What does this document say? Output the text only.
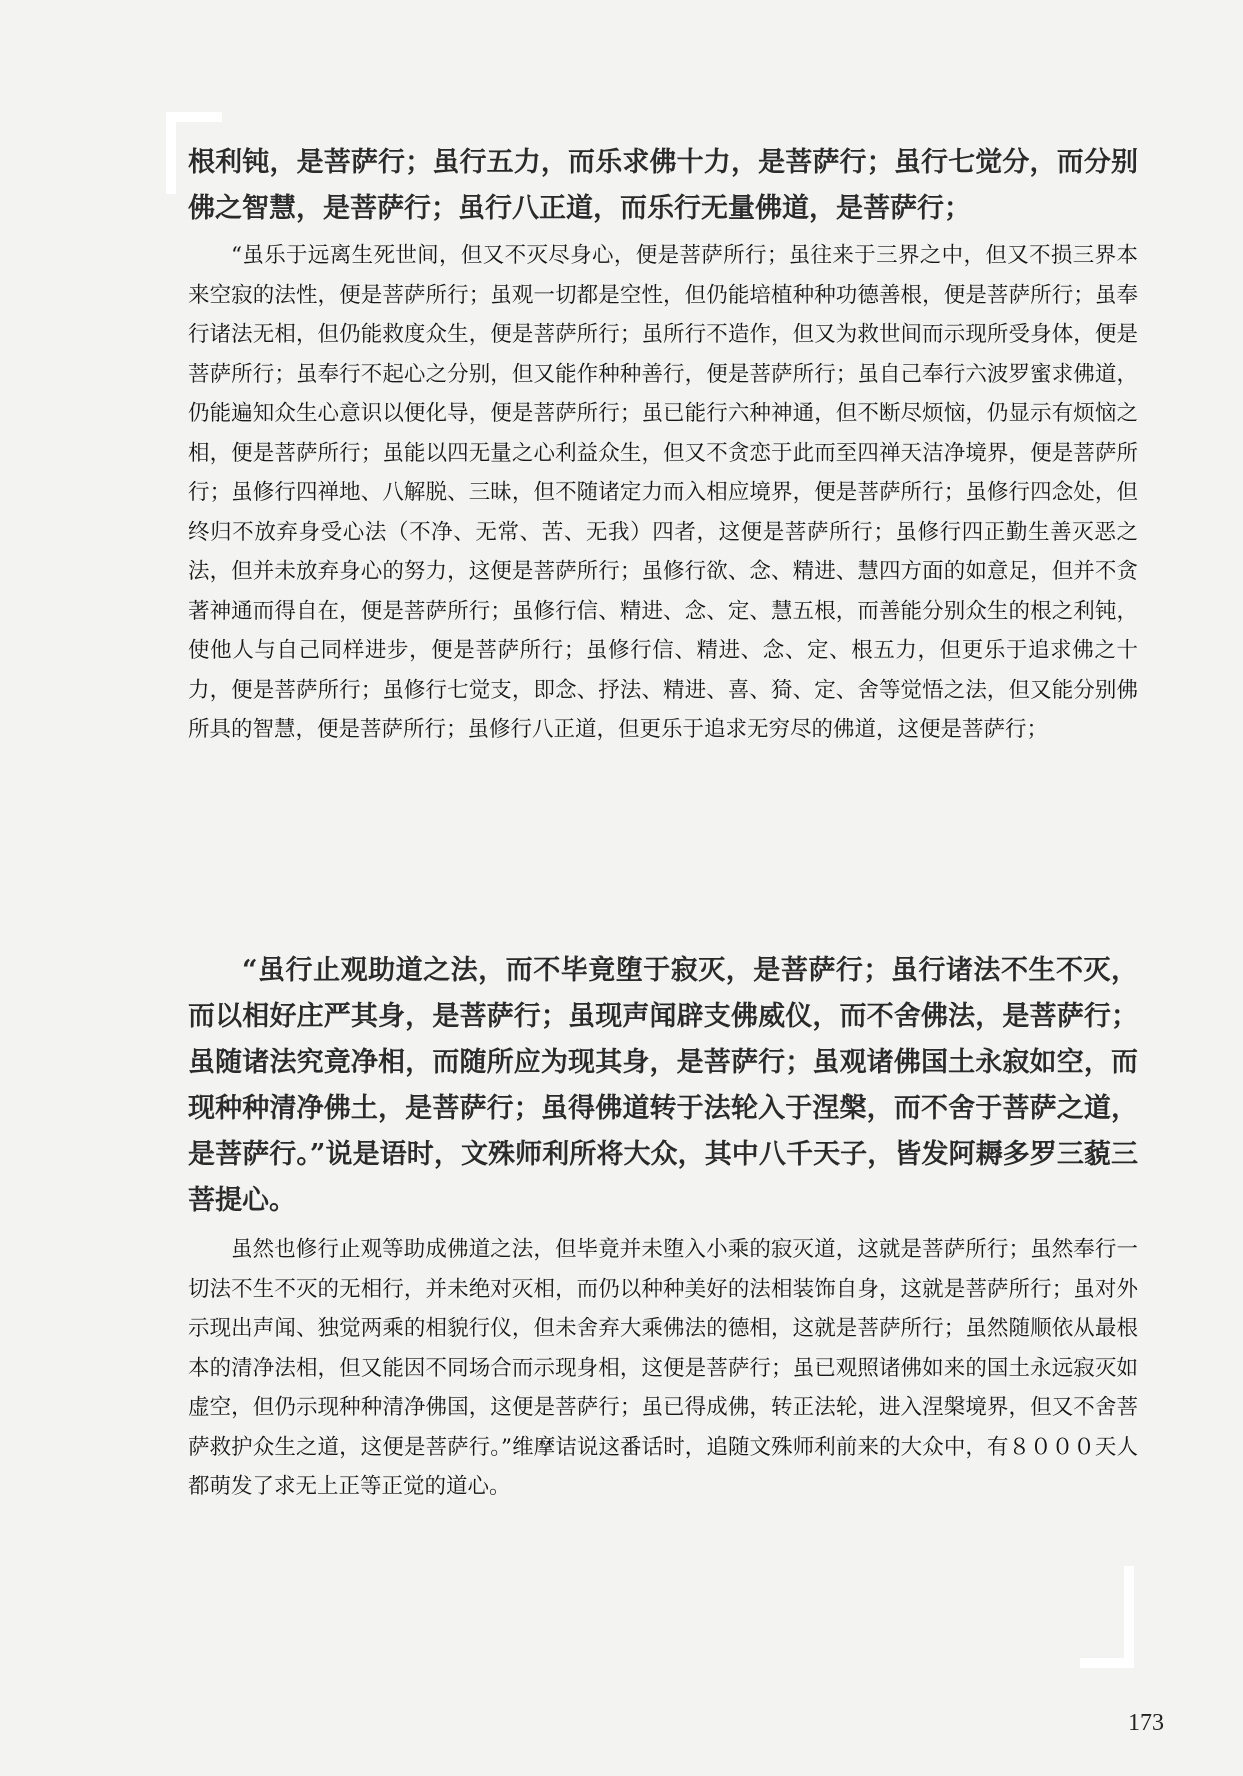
根利钝，是菩萨行；虽行五力，而乐求佛十力，是菩萨行；虽行七觉分，而分别佛之智慧，是菩萨行；虽行八正道，而乐行无量佛道，是菩萨行；

“虽乐于远离生死世间，但又不灭尽身心，便是菩萨所行；虽往来于三界之中，但又不损三界本来空寂的法性，便是菩萨所行；虽观一切都是空性，但仍能培植种种功德善根，便是菩萨所行；虽奉行诸法无相，但仍能救度众生，便是菩萨所行；虽所行不造作，但又为救世间而示现所受身体，便是菩萨所行；虽奉行不起心之分别，但又能作种种善行，便是菩萨所行；虽自己奉行六波罗蜜求佛道，仍能遍知众生心意识以便化导，便是菩萨所行；虽已能行六种神通，但不断尽烦恼，仍显示有烦恼之相，便是菩萨所行；虽能以四无量之心利益众生，但又不贪恋于此而至四禅天洁净境界，便是菩萨所行；虽修行四禅地、八解脱、三昧，但不随诸定力而入相应境界，便是菩萨所行；虽修行四念处，但终归不放弃身受心法（不净、无常、苦、无我）四者，这便是菩萨所行；虽修行四正勤生善灭恶之法，但并未放弃身心的努力，这便是菩萨所行；虽修行欲、念、精进、慧四方面的如意足，但并不贪著神通而得自在，便是菩萨所行；虽修行信、精进、念、定、慧五根，而善能分别众生的根之利钝，使他人与自己同样进步，便是菩萨所行；虽修行信、精进、念、定、根五力，但更乐于追求佛之十力，便是菩萨所行；虽修行七觉支，即念、抒法、精进、喜、猗、定、舍等觉悟之法，但又能分别佛所具的智慧，便是菩萨所行；虽修行八正道，但更乐于追求无穷尽的佛道，这便是菩萨行；

“虽行止观助道之法，而不毕竟堕于寂灭，是菩萨行；虽行诸法不生不灭，而以相好庄严其身，是菩萨行；虽现声闻辟支佛威仪，而不舍佛法，是菩萨行；虽随诸法究竟净相，而随所应为现其身，是菩萨行；虽观诸佛国土永寂如空，而现种种清净佛土，是菩萨行；虽得佛道转于法轮入于涅槃，而不舍于菩萨之道，是菩萨行。”说是语时，文殊师利所将大众，其中八千天子，皆发阿耨多罗三藐三菩提心。

虽然也修行止观等助成佛道之法，但毕竟并未堕入小乘的寂灭道，这就是菩萨所行；虽然奉行一切法不生不灭的无相行，并未绝对灭相，而仍以种种美好的法相装饰自身，这就是菩萨所行；虽对外示现出声闻、独觉两乘的相貌行仪，但未舍弃大乘佛法的德相，这就是菩萨所行；虽然随顺依从最根本的清净法相，但又能因不同场合而示现身相，这便是菩萨行；虽已观照诸佛如来的国土永远寂灭如虚空，但仍示现种种清净佛国，这便是菩萨行；虽已得成佛，转正法轮，进入涅槃境界，但又不舍菩萨救护众生之道，这便是菩萨行。”维摩诘说这番话时，追随文殊师利前来的大众中，有８０００天人都萌发了求无上正等正觉的道心。

173
